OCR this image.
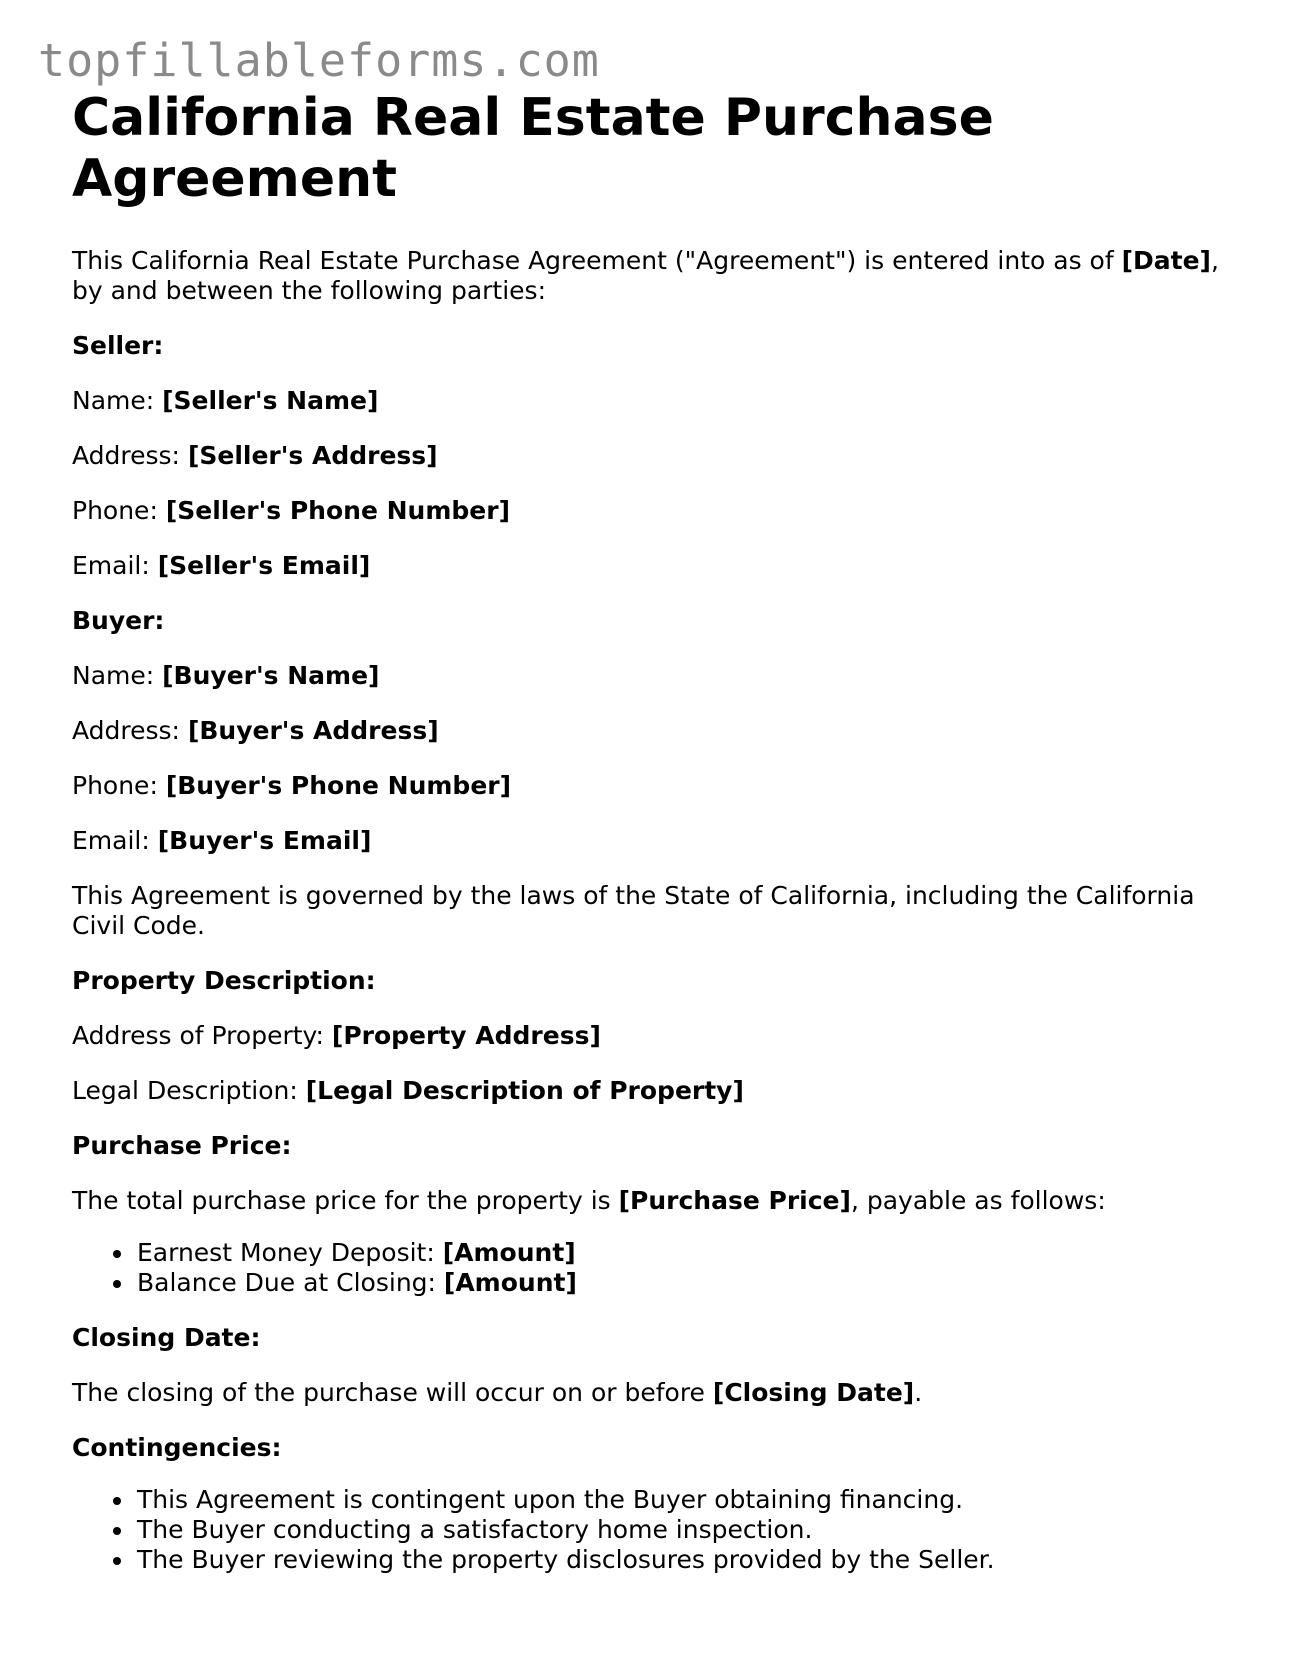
topfillableforms.com
California Real Estate Purchase Agreement

This California Real Estate Purchase Agreement ("Agreement") is entered into as of [Date], by and between the following parties:

Seller:

Name: [Seller's Name]

Address: [Seller's Address]

Phone: [Seller's Phone Number]

Email: [Seller's Email]

Buyer:

Name: [Buyer's Name]

Address: [Buyer's Address]

Phone: [Buyer's Phone Number]

Email: [Buyer's Email]

This Agreement is governed by the laws of the State of California, including the California Civil Code.

Property Description:

Address of Property: [Property Address]

Legal Description: [Legal Description of Property]

Purchase Price:

The total purchase price for the property is [Purchase Price], payable as follows:

• Earnest Money Deposit: [Amount]
• Balance Due at Closing: [Amount]

Closing Date:

The closing of the purchase will occur on or before [Closing Date].

Contingencies:

• This Agreement is contingent upon the Buyer obtaining financing.
• The Buyer conducting a satisfactory home inspection.
• The Buyer reviewing the property disclosures provided by the Seller.
